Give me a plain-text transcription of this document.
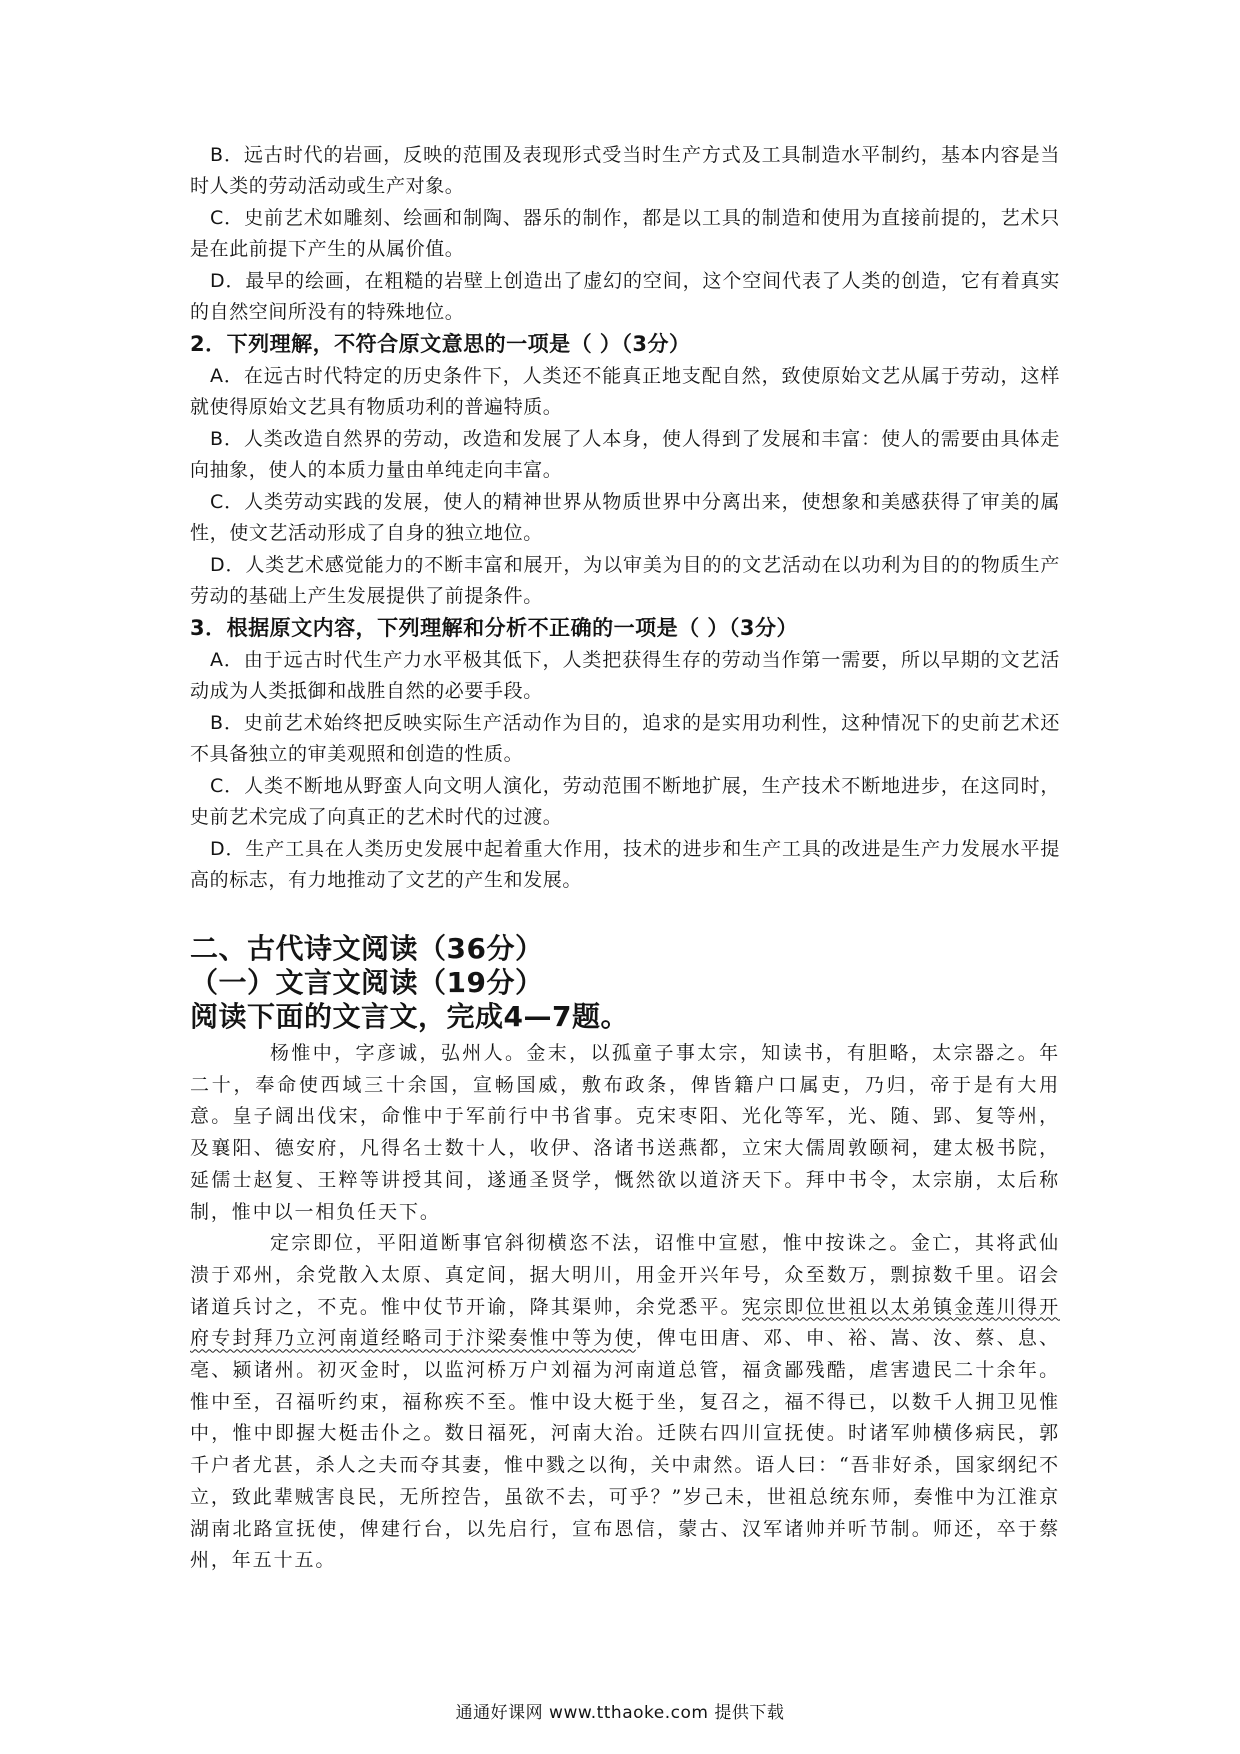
B．远古时代的岩画，反映的范围及表现形式受当时生产方式及工具制造水平制约，基本内容是当时人类的劳动活动或生产对象。

C．史前艺术如雕刻、绘画和制陶、器乐的制作，都是以工具的制造和使用为直接前提的，艺术只是在此前提下产生的从属价值。

D．最早的绘画，在粗糙的岩壁上创造出了虚幻的空间，这个空间代表了人类的创造，它有着真实的自然空间所没有的特殊地位。

2．下列理解，不符合原文意思的一项是（ ）（3分）

A．在远古时代特定的历史条件下，人类还不能真正地支配自然，致使原始文艺从属于劳动，这样就使得原始文艺具有物质功利的普遍特质。

B．人类改造自然界的劳动，改造和发展了人本身，使人得到了发展和丰富：使人的需要由具体走向抽象，使人的本质力量由单纯走向丰富。

C．人类劳动实践的发展，使人的精神世界从物质世界中分离出来，使想象和美感获得了审美的属性，使文艺活动形成了自身的独立地位。

D．人类艺术感觉能力的不断丰富和展开，为以审美为目的的文艺活动在以功利为目的的物质生产劳动的基础上产生发展提供了前提条件。

3．根据原文内容，下列理解和分析不正确的一项是（ ）（3分）

A．由于远古时代生产力水平极其低下，人类把获得生存的劳动当作第一需要，所以早期的文艺活动成为人类抵御和战胜自然的必要手段。

B．史前艺术始终把反映实际生产活动作为目的，追求的是实用功利性，这种情况下的史前艺术还不具备独立的审美观照和创造的性质。

C．人类不断地从野蛮人向文明人演化，劳动范围不断地扩展，生产技术不断地进步，在这同时，史前艺术完成了向真正的艺术时代的过渡。

D．生产工具在人类历史发展中起着重大作用，技术的进步和生产工具的改进是生产力发展水平提高的标志，有力地推动了文艺的产生和发展。

二、古代诗文阅读（36分）
（一）文言文阅读（19分）
阅读下面的文言文，完成4—7题。

杨惟中，字彦诚，弘州人。金末，以孤童子事太宗，知读书，有胆略，太宗器之。年二十，奉命使西域三十余国，宣畅国威，敷布政条，俾皆籍户口属吏，乃归，帝于是有大用意。皇子阔出伐宋，命惟中于军前行中书省事。克宋枣阳、光化等军，光、随、郢、复等州，及襄阳、德安府，凡得名士数十人，收伊、洛诸书送燕都，立宋大儒周敦颐祠，建太极书院，延儒士赵复、王粹等讲授其间，遂通圣贤学，慨然欲以道济天下。拜中书令，太宗崩，太后称制，惟中以一相负任天下。

定宗即位，平阳道断事官斜彻横恣不法，诏惟中宣慰，惟中按诛之。金亡，其将武仙溃于邓州，余党散入太原、真定间，据大明川，用金开兴年号，众至数万，剽掠数千里。诏会诸道兵讨之，不克。惟中仗节开谕，降其渠帅，余党悉平。宪宗即位世祖以太弟镇金莲川得开府专封拜乃立河南道经略司于汴梁奏惟中等为使，俾屯田唐、邓、申、裕、嵩、汝、蔡、息、亳、颍诸州。初灭金时，以监河桥万户刘福为河南道总管，福贪鄙残酷，虐害遗民二十余年。惟中至，召福听约束，福称疾不至。惟中设大梃于坐，复召之，福不得已，以数千人拥卫见惟中，惟中即握大梃击仆之。数日福死，河南大治。迁陕右四川宣抚使。时诸军帅横侈病民，郭千户者尤甚，杀人之夫而夺其妻，惟中戮之以徇，关中肃然。语人曰：“吾非好杀，国家纲纪不立，致此辈贼害良民，无所控告，虽欲不去，可乎？”岁己未，世祖总统东师，奏惟中为江淮京湖南北路宣抚使，俾建行台，以先启行，宣布恩信，蒙古、汉军诸帅并听节制。师还，卒于蔡州，年五十五。

通通好课网 www.tthaoke.com 提供下载
